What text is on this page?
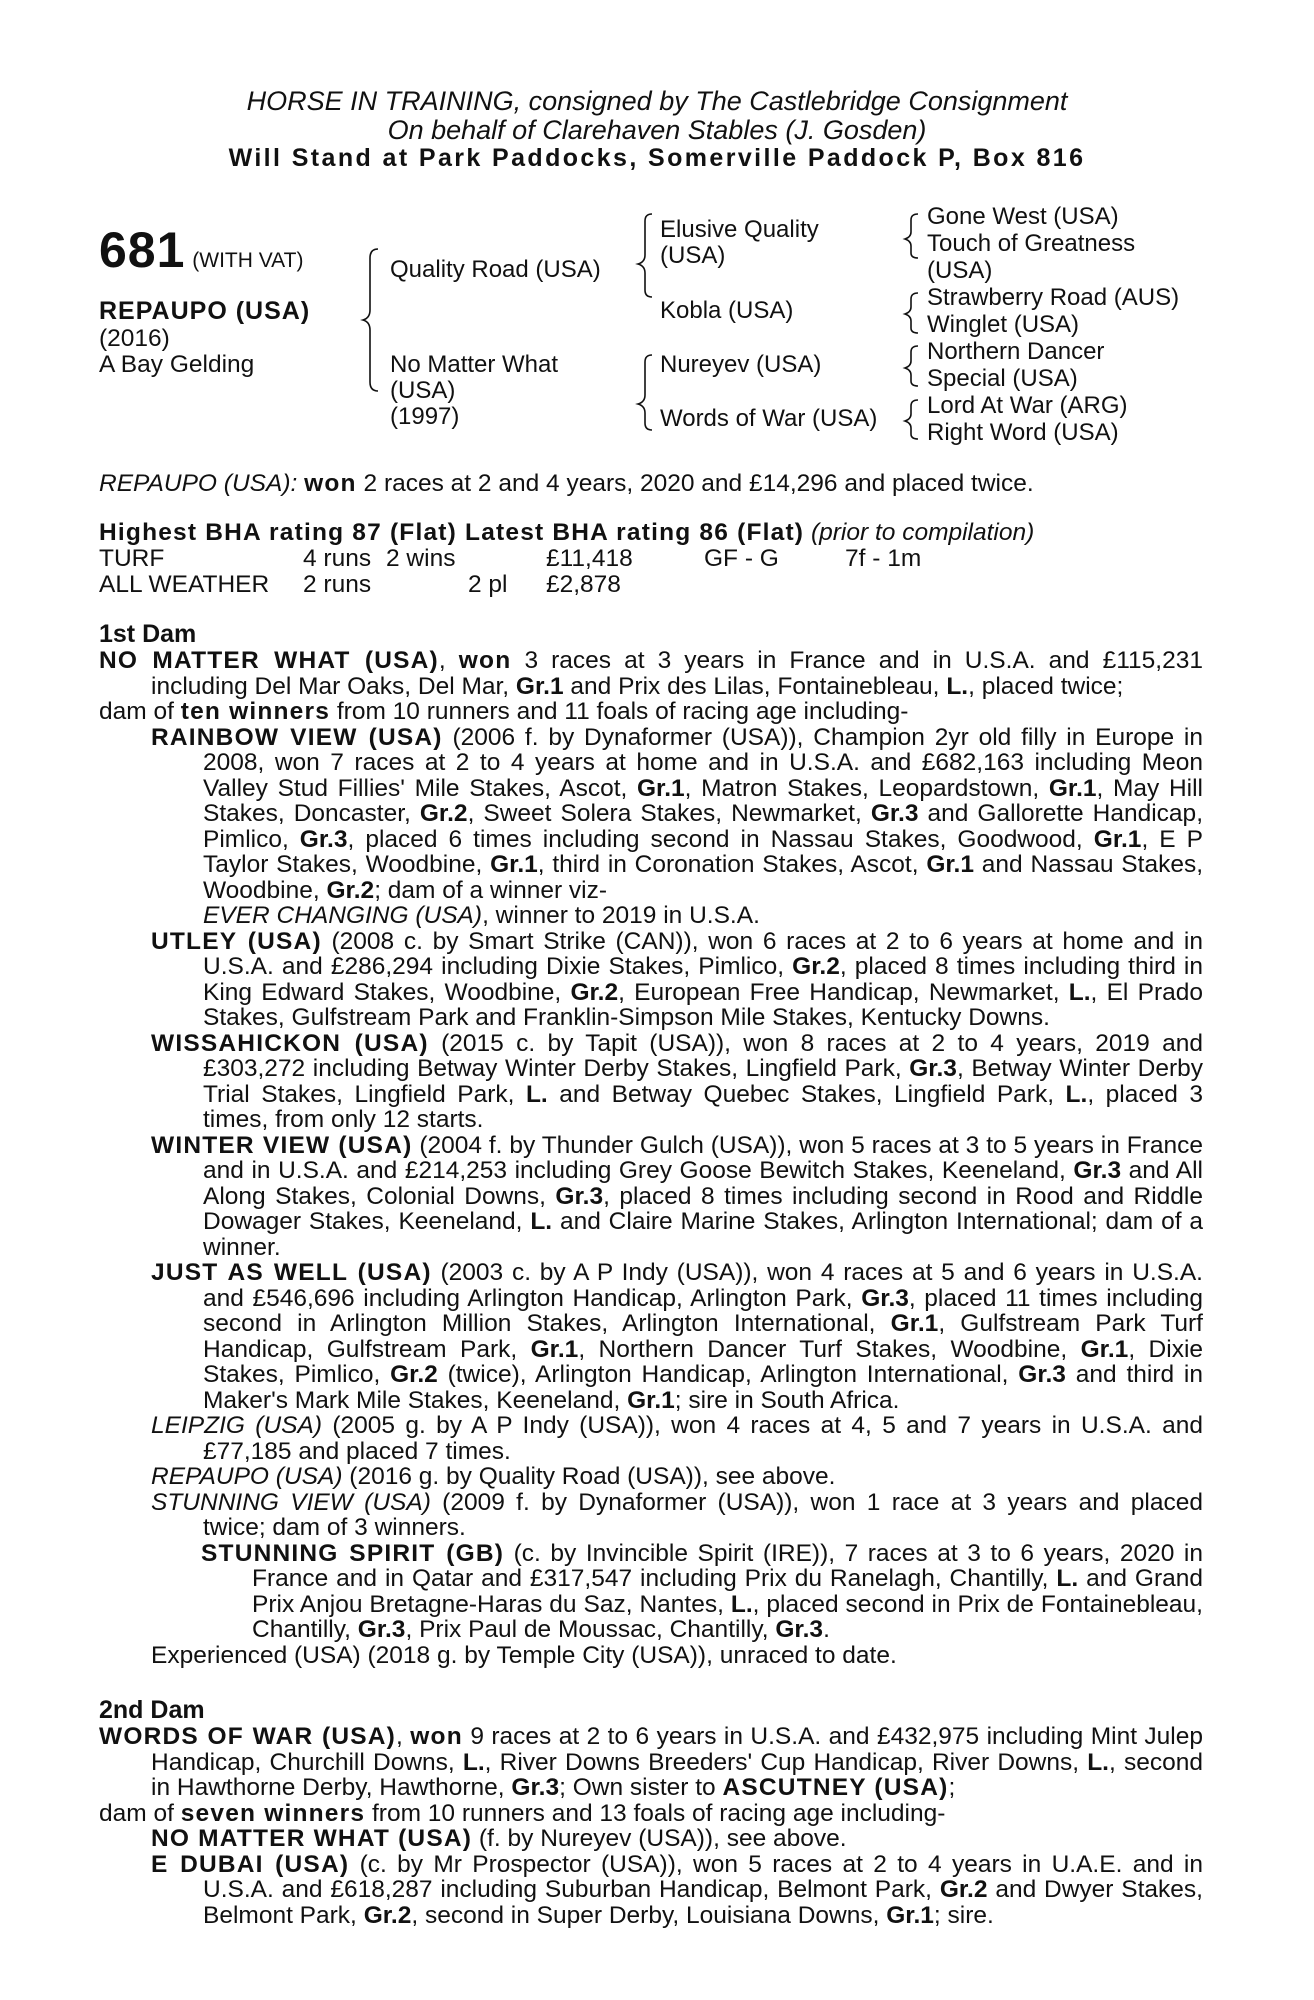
HORSE IN TRAINING, consigned by The Castlebridge Consignment
On behalf of Clarehaven Stables (J. Gosden)
Will Stand at Park Paddocks, Somerville Paddock P, Box 816
681 (WITH VAT)
REPAUPO (USA)
(2016)
A Bay Gelding
Quality Road (USA)
No Matter What
(USA)
(1997)
Elusive Quality
(USA)
Kobla (USA)
Nureyev (USA)
Words of War (USA)
Gone West (USA)
Touch of Greatness
(USA)
Strawberry Road (AUS)
Winglet (USA)
Northern Dancer
Special (USA)
Lord At War (ARG)
Right Word (USA)
REPAUPO (USA): won 2 races at 2 and 4 years, 2020 and £14,296 and placed twice.
Highest BHA rating 87 (Flat) Latest BHA rating 86 (Flat) (prior to compilation)
TURF	4 runs 2 wins	£11,418	GF - G	7f - 1m
ALL WEATHER 2 runs	2 pl £2,878
1st Dam
NO MATTER WHAT (USA), won 3 races at 3 years in France and in U.S.A. and £115,231 including Del Mar Oaks, Del Mar, Gr.1 and Prix des Lilas, Fontainebleau, L., placed twice;
dam of ten winners from 10 runners and 11 foals of racing age including-
RAINBOW VIEW (USA) (2006 f. by Dynaformer (USA)), Champion 2yr old filly in Europe in 2008, won 7 races at 2 to 4 years at home and in U.S.A. and £682,163 including Meon Valley Stud Fillies' Mile Stakes, Ascot, Gr.1, Matron Stakes, Leopardstown, Gr.1, May Hill Stakes, Doncaster, Gr.2, Sweet Solera Stakes, Newmarket, Gr.3 and Gallorette Handicap, Pimlico, Gr.3, placed 6 times including second in Nassau Stakes, Goodwood, Gr.1, E P Taylor Stakes, Woodbine, Gr.1, third in Coronation Stakes, Ascot, Gr.1 and Nassau Stakes, Woodbine, Gr.2; dam of a winner viz-
EVER CHANGING (USA), winner to 2019 in U.S.A.
UTLEY (USA) (2008 c. by Smart Strike (CAN)), won 6 races at 2 to 6 years at home and in U.S.A. and £286,294 including Dixie Stakes, Pimlico, Gr.2, placed 8 times including third in King Edward Stakes, Woodbine, Gr.2, European Free Handicap, Newmarket, L., El Prado Stakes, Gulfstream Park and Franklin-Simpson Mile Stakes, Kentucky Downs.
WISSAHICKON (USA) (2015 c. by Tapit (USA)), won 8 races at 2 to 4 years, 2019 and £303,272 including Betway Winter Derby Stakes, Lingfield Park, Gr.3, Betway Winter Derby Trial Stakes, Lingfield Park, L. and Betway Quebec Stakes, Lingfield Park, L., placed 3 times, from only 12 starts.
WINTER VIEW (USA) (2004 f. by Thunder Gulch (USA)), won 5 races at 3 to 5 years in France and in U.S.A. and £214,253 including Grey Goose Bewitch Stakes, Keeneland, Gr.3 and All Along Stakes, Colonial Downs, Gr.3, placed 8 times including second in Rood and Riddle Dowager Stakes, Keeneland, L. and Claire Marine Stakes, Arlington International; dam of a winner.
JUST AS WELL (USA) (2003 c. by A P Indy (USA)), won 4 races at 5 and 6 years in U.S.A. and £546,696 including Arlington Handicap, Arlington Park, Gr.3, placed 11 times including second in Arlington Million Stakes, Arlington International, Gr.1, Gulfstream Park Turf Handicap, Gulfstream Park, Gr.1, Northern Dancer Turf Stakes, Woodbine, Gr.1, Dixie Stakes, Pimlico, Gr.2 (twice), Arlington Handicap, Arlington International, Gr.3 and third in Maker's Mark Mile Stakes, Keeneland, Gr.1; sire in South Africa.
LEIPZIG (USA) (2005 g. by A P Indy (USA)), won 4 races at 4, 5 and 7 years in U.S.A. and £77,185 and placed 7 times.
REPAUPO (USA) (2016 g. by Quality Road (USA)), see above.
STUNNING VIEW (USA) (2009 f. by Dynaformer (USA)), won 1 race at 3 years and placed twice; dam of 3 winners.
STUNNING SPIRIT (GB) (c. by Invincible Spirit (IRE)), 7 races at 3 to 6 years, 2020 in France and in Qatar and £317,547 including Prix du Ranelagh, Chantilly, L. and Grand Prix Anjou Bretagne-Haras du Saz, Nantes, L., placed second in Prix de Fontainebleau, Chantilly, Gr.3, Prix Paul de Moussac, Chantilly, Gr.3.
Experienced (USA) (2018 g. by Temple City (USA)), unraced to date.
2nd Dam
WORDS OF WAR (USA), won 9 races at 2 to 6 years in U.S.A. and £432,975 including Mint Julep Handicap, Churchill Downs, L., River Downs Breeders' Cup Handicap, River Downs, L., second in Hawthorne Derby, Hawthorne, Gr.3; Own sister to ASCUTNEY (USA);
dam of seven winners from 10 runners and 13 foals of racing age including-
NO MATTER WHAT (USA) (f. by Nureyev (USA)), see above.
E DUBAI (USA) (c. by Mr Prospector (USA)), won 5 races at 2 to 4 years in U.A.E. and in U.S.A. and £618,287 including Suburban Handicap, Belmont Park, Gr.2 and Dwyer Stakes, Belmont Park, Gr.2, second in Super Derby, Louisiana Downs, Gr.1; sire.
